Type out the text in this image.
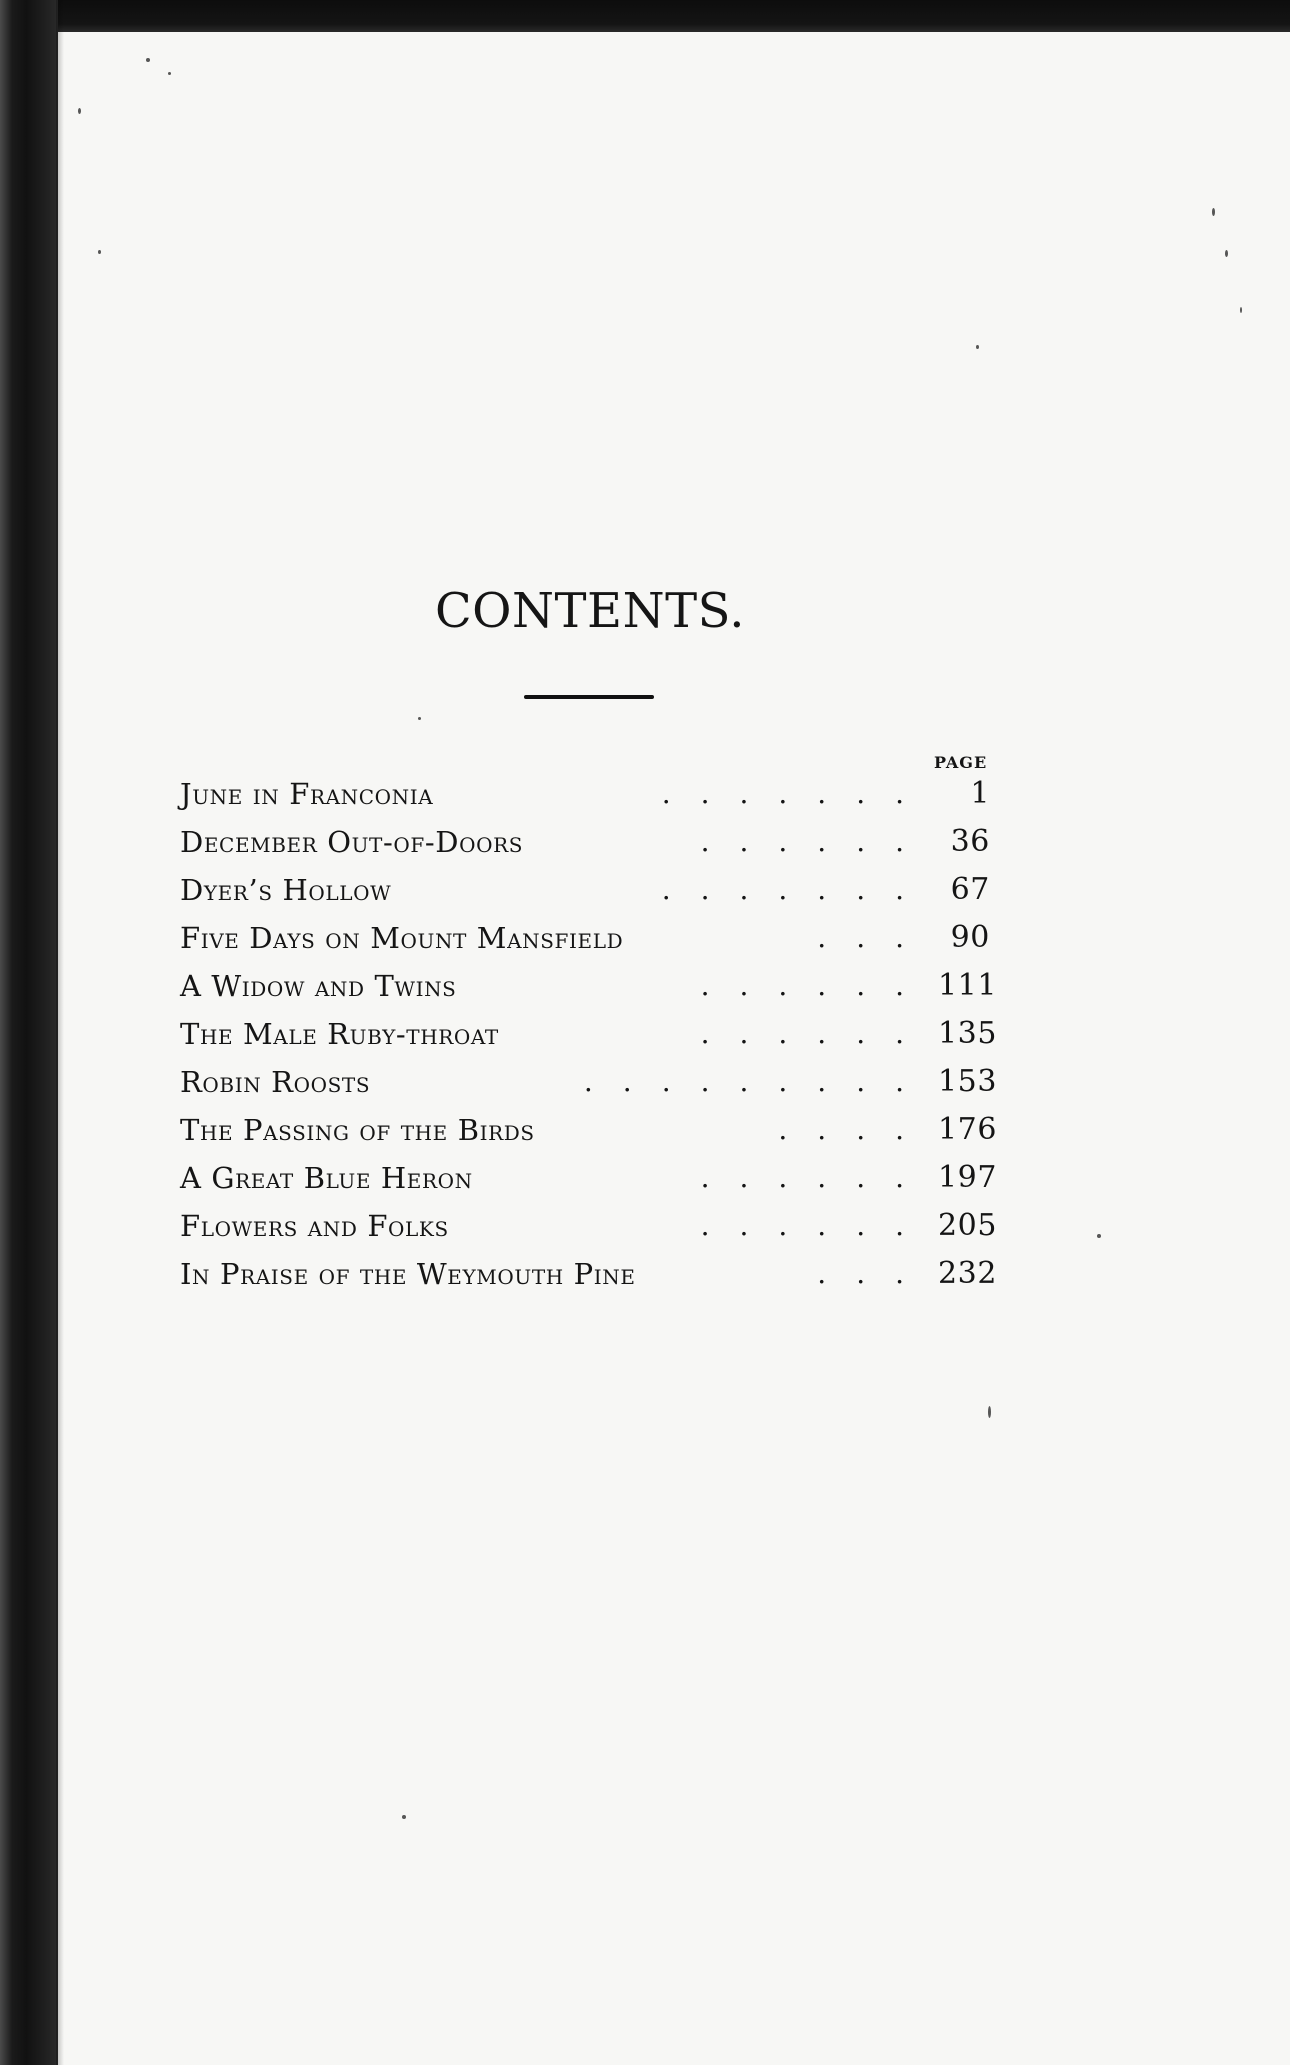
CONTENTS.
PAGE
June in Franconia	.......	1
December Out-of-Doors	...... 36
Dyer’s Hollow	....... 67
Five Days on Mount Mansfield	... 90
A Widow and Twins	...... 111
The Male Ruby-throat	...... 135
Robin Roosts	......... 153
The Passing of the Birds	.... 176
A Great Blue Heron	...... 197
Flowers and Folks	...... 205
In Praise of the Weymouth Pine	... 232
